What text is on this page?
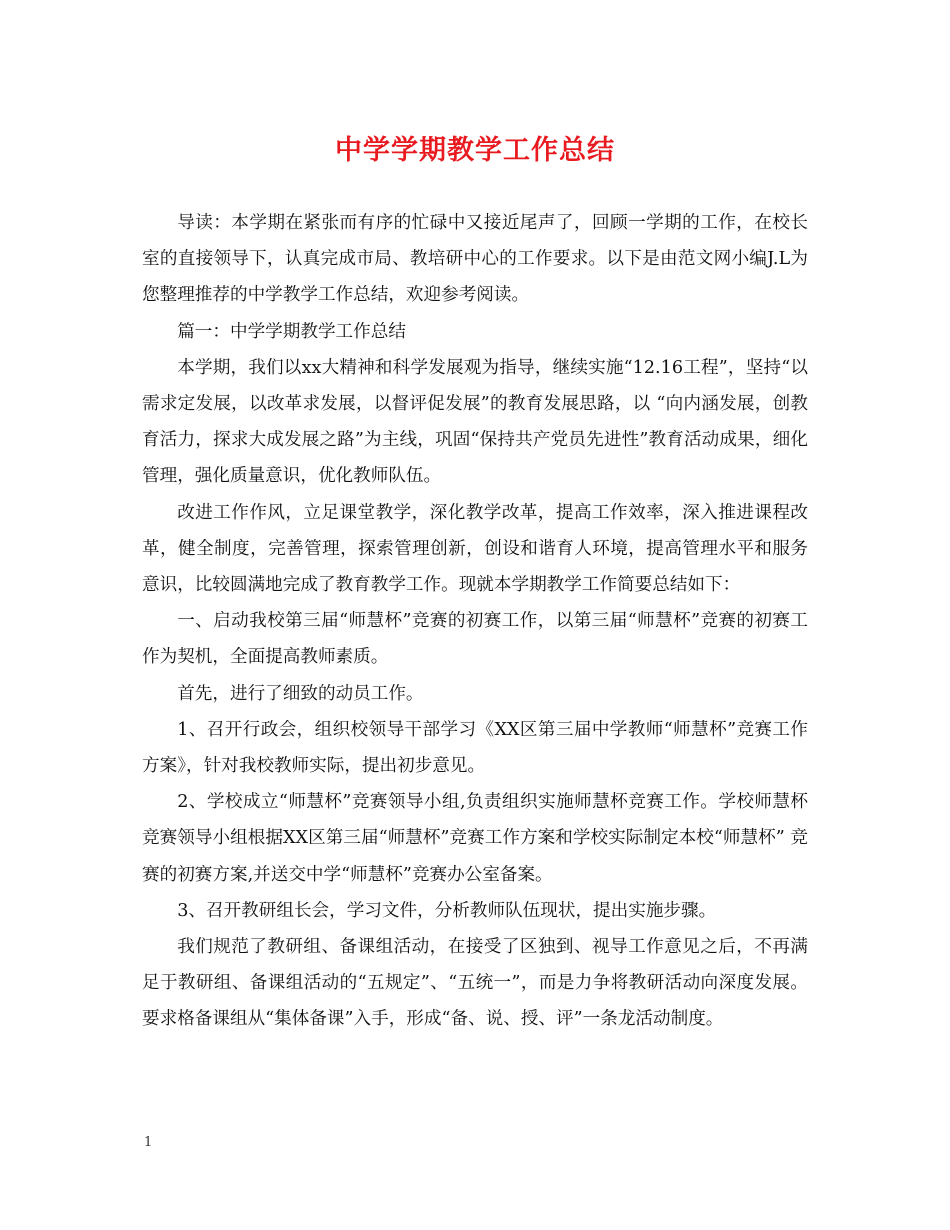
中学学期教学工作总结

导读：本学期在紧张而有序的忙碌中又接近尾声了，回顾一学期的工作，在校长室的直接领导下，认真完成市局、教培研中心的工作要求。以下是由范文网小编J.L为您整理推荐的中学教学工作总结，欢迎参考阅读。

篇一：中学学期教学工作总结

本学期，我们以xx大精神和科学发展观为指导，继续实施“12.16工程”，坚持“以需求定发展，以改革求发展，以督评促发展”的教育发展思路，以 “向内涵发展，创教育活力，探求大成发展之路”为主线，巩固“保持共产党员先进性”教育活动成果，细化管理，强化质量意识，优化教师队伍。

改进工作作风，立足课堂教学，深化教学改革，提高工作效率，深入推进课程改革，健全制度，完善管理，探索管理创新，创设和谐育人环境，提高管理水平和服务意识，比较圆满地完成了教育教学工作。现就本学期教学工作简要总结如下：

一、启动我校第三届“师慧杯”竞赛的初赛工作，以第三届“师慧杯”竞赛的初赛工作为契机，全面提高教师素质。

首先，进行了细致的动员工作。

1、召开行政会，组织校领导干部学习《XX区第三届中学教师“师慧杯”竞赛工作方案》，针对我校教师实际，提出初步意见。

2、学校成立“师慧杯”竞赛领导小组,负责组织实施师慧杯竞赛工作。学校师慧杯竞赛领导小组根据XX区第三届“师慧杯”竞赛工作方案和学校实际制定本校“师慧杯” 竞赛的初赛方案,并送交中学“师慧杯”竞赛办公室备案。

3、召开教研组长会，学习文件，分析教师队伍现状，提出实施步骤。

我们规范了教研组、备课组活动，在接受了区独到、视导工作意见之后，不再满足于教研组、备课组活动的“五规定”、“五统一”，而是力争将教研活动向深度发展。要求格备课组从“集体备课”入手，形成“备、说、授、评”一条龙活动制度。

1
